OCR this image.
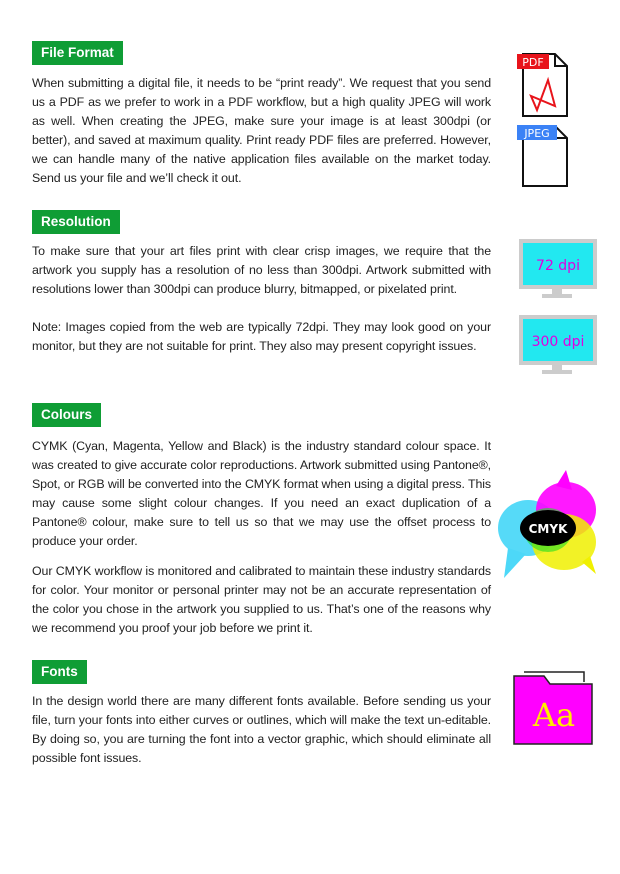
File Format

When submitting a digital file, it needs to be “print ready”. We request that you send us a PDF as we prefer to work in a PDF workflow, but a high quality JPEG will work as well. When creating the JPEG, make sure your image is at least 300dpi (or better), and saved at maximum quality. Print ready PDF files are preferred. However, we can handle many of the native application files available on the market today. Send us your file and we’ll check it out.

PDF
JPEG
Resolution

To make sure that your art files print with clear crisp images, we require that the artwork you supply has a resolution of no less than 300dpi. Artwork submitted with resolutions lower than 300dpi can produce blurry, bitmapped, or pixelated print.

Note: Images copied from the web are typically 72dpi. They may look good on your monitor, but they are not suitable for print. They also may present copyright issues.

72 dpi
300 dpi
Colours

CYMK (Cyan, Magenta, Yellow and Black) is the industry standard colour space. It was created to give accurate color reproductions. Artwork submitted using Pantone®, Spot, or RGB will be converted into the CMYK format when using a digital press. This may cause some slight colour changes. If you need an exact duplication of a Pantone® colour, make sure to tell us so that we may use the offset process to produce your order.

Our CMYK workflow is monitored and calibrated to maintain these industry standards for color. Your monitor or personal printer may not be an accurate representation of the color you chose in the artwork you supplied to us. That’s one of the reasons why we recommend you proof your job before we print it.

CMYK
Fonts

In the design world there are many different fonts available. Before sending us your file, turn your fonts into either curves or outlines, which will make the text un-editable. By doing so, you are turning the font into a vector graphic, which should eliminate all possible font issues.

Aa
